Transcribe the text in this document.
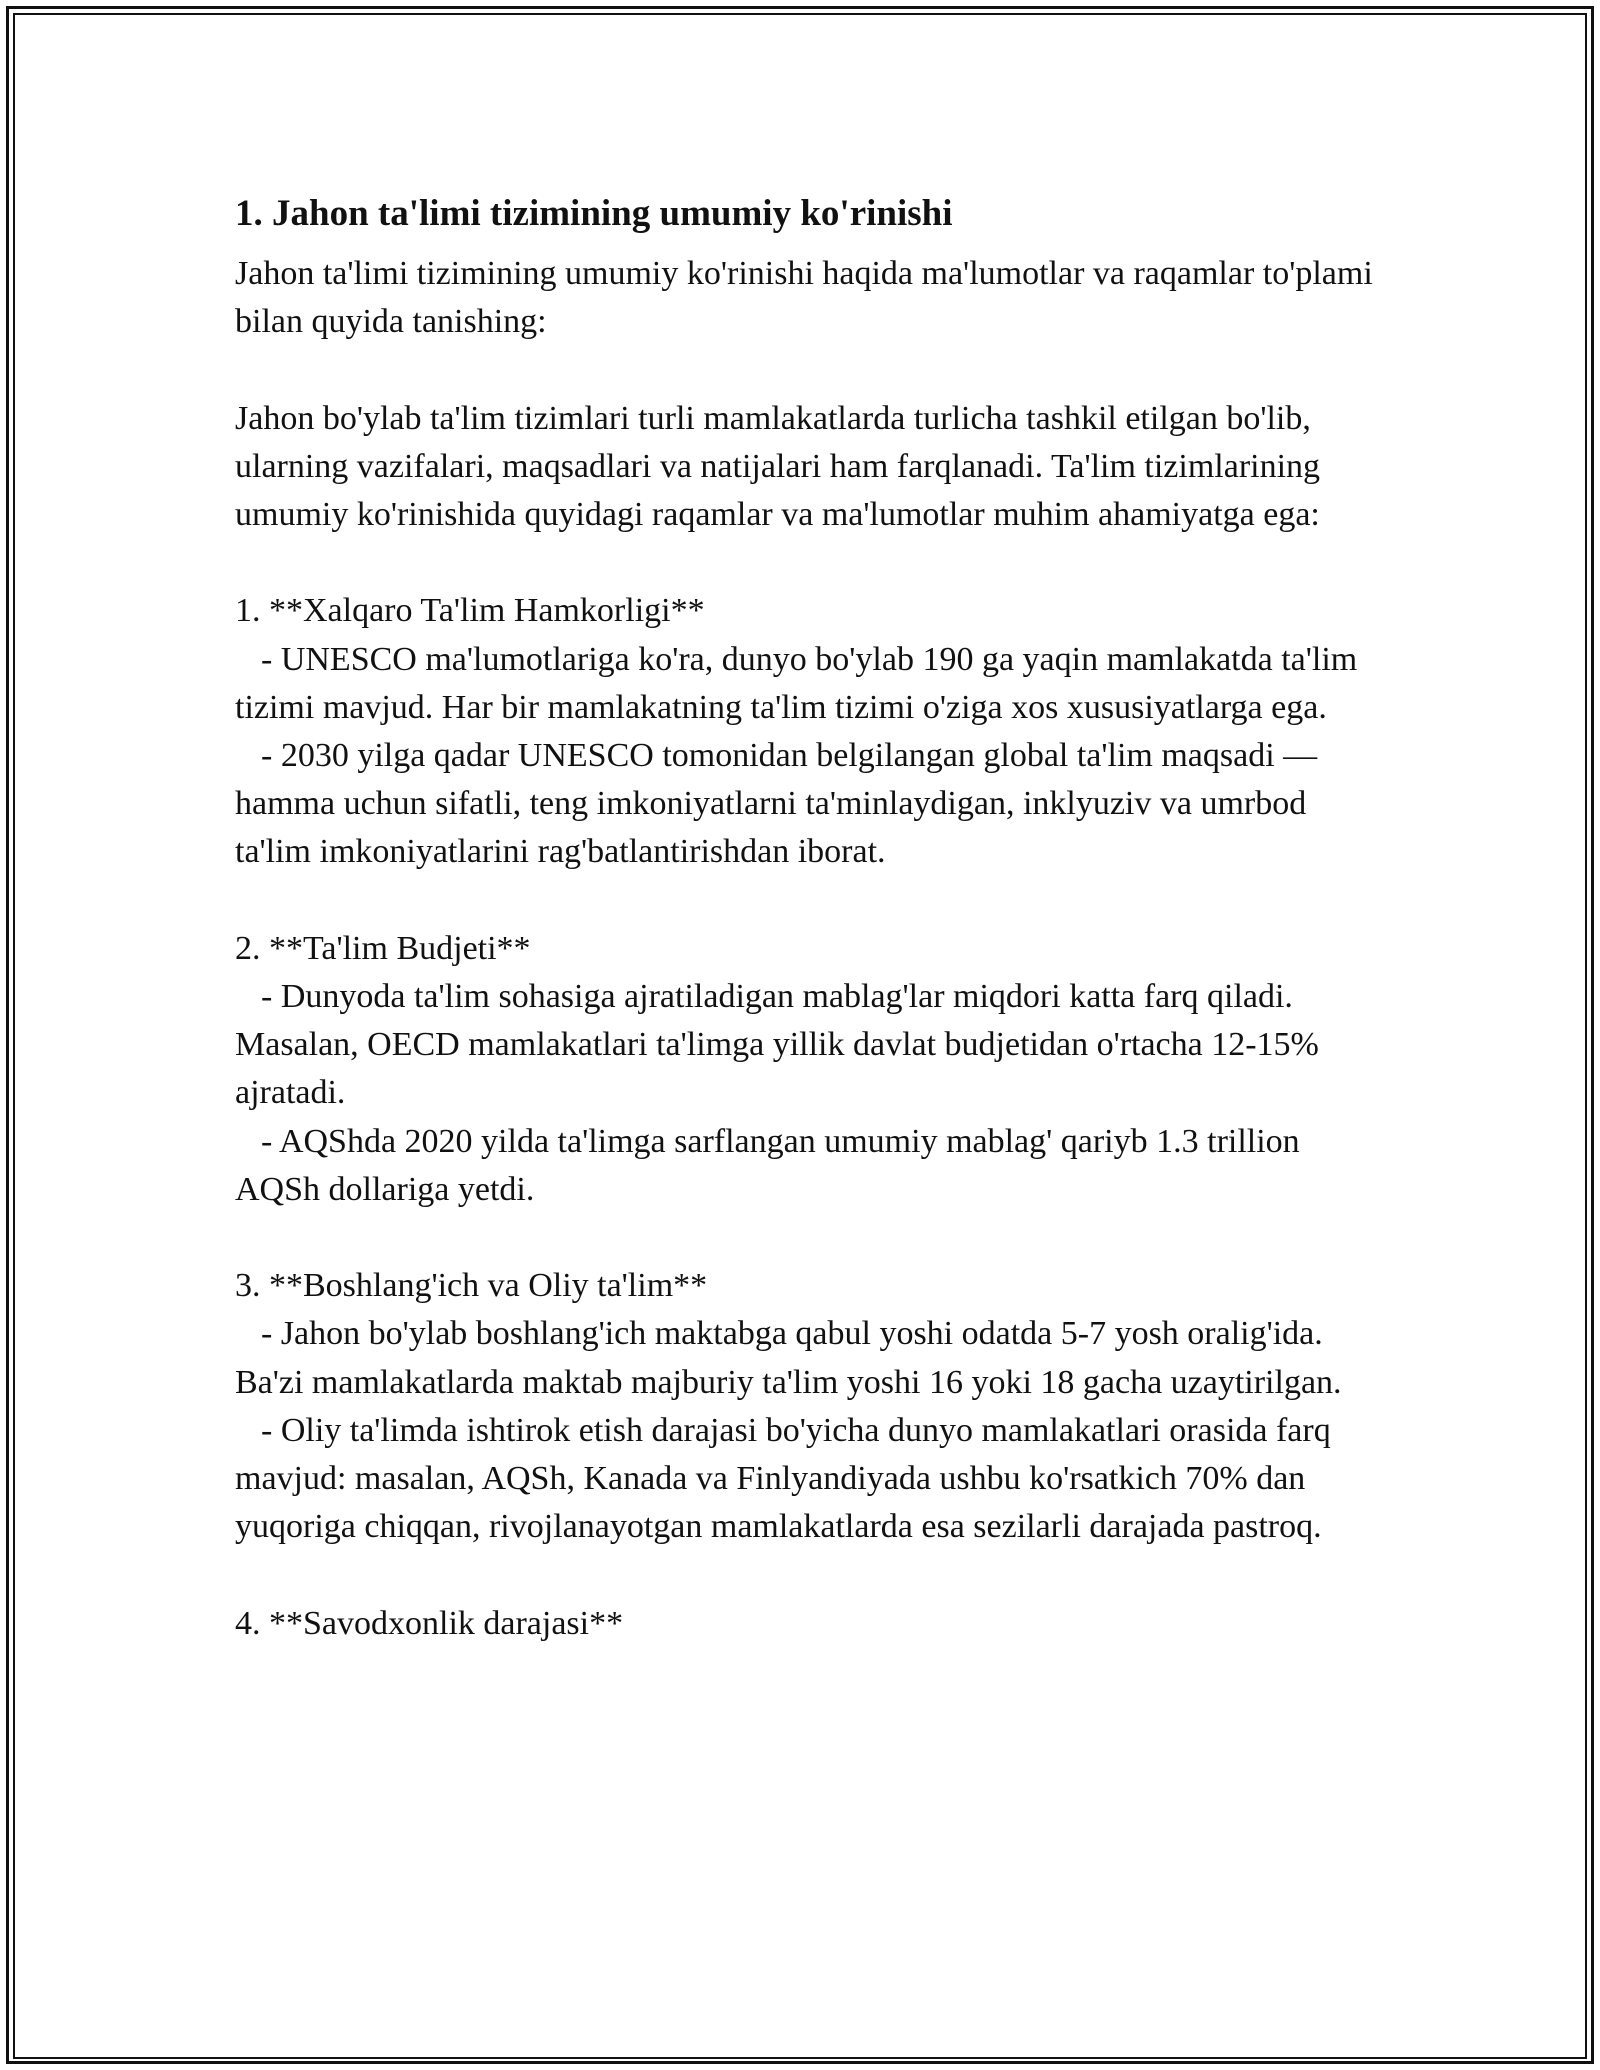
1. Jahon ta'limi tizimining umumiy ko'rinishi

Jahon ta'limi tizimining umumiy ko'rinishi haqida ma'lumotlar va raqamlar to'plami bilan quyida tanishing:

Jahon bo'ylab ta'lim tizimlari turli mamlakatlarda turlicha tashkil etilgan bo'lib, ularning vazifalari, maqsadlari va natijalari ham farqlanadi. Ta'lim tizimlarining umumiy ko'rinishida quyidagi raqamlar va ma'lumotlar muhim ahamiyatga ega:

1. **Xalqaro Ta'lim Hamkorligi**

- UNESCO ma'lumotlariga ko'ra, dunyo bo'ylab 190 ga yaqin mamlakatda ta'lim tizimi mavjud. Har bir mamlakatning ta'lim tizimi o'ziga xos xususiyatlarga ega.

- 2030 yilga qadar UNESCO tomonidan belgilangan global ta'lim maqsadi — hamma uchun sifatli, teng imkoniyatlarni ta'minlaydigan, inklyuziv va umrbod ta'lim imkoniyatlarini rag'batlantirishdan iborat.

2. **Ta'lim Budjeti**

- Dunyoda ta'lim sohasiga ajratiladigan mablag'lar miqdori katta farq qiladi. Masalan, OECD mamlakatlari ta'limga yillik davlat budjetidan o'rtacha 12-15% ajratadi.

- AQShda 2020 yilda ta'limga sarflangan umumiy mablag' qariyb 1.3 trillion AQSh dollariga yetdi.

3. **Boshlang'ich va Oliy ta'lim**

- Jahon bo'ylab boshlang'ich maktabga qabul yoshi odatda 5-7 yosh oralig'ida. Ba'zi mamlakatlarda maktab majburiy ta'lim yoshi 16 yoki 18 gacha uzaytirilgan.

- Oliy ta'limda ishtirok etish darajasi bo'yicha dunyo mamlakatlari orasida farq mavjud: masalan, AQSh, Kanada va Finlyandiyada ushbu ko'rsatkich 70% dan yuqoriga chiqqan, rivojlanayotgan mamlakatlarda esa sezilarli darajada pastroq.

4. **Savodxonlik darajasi**
